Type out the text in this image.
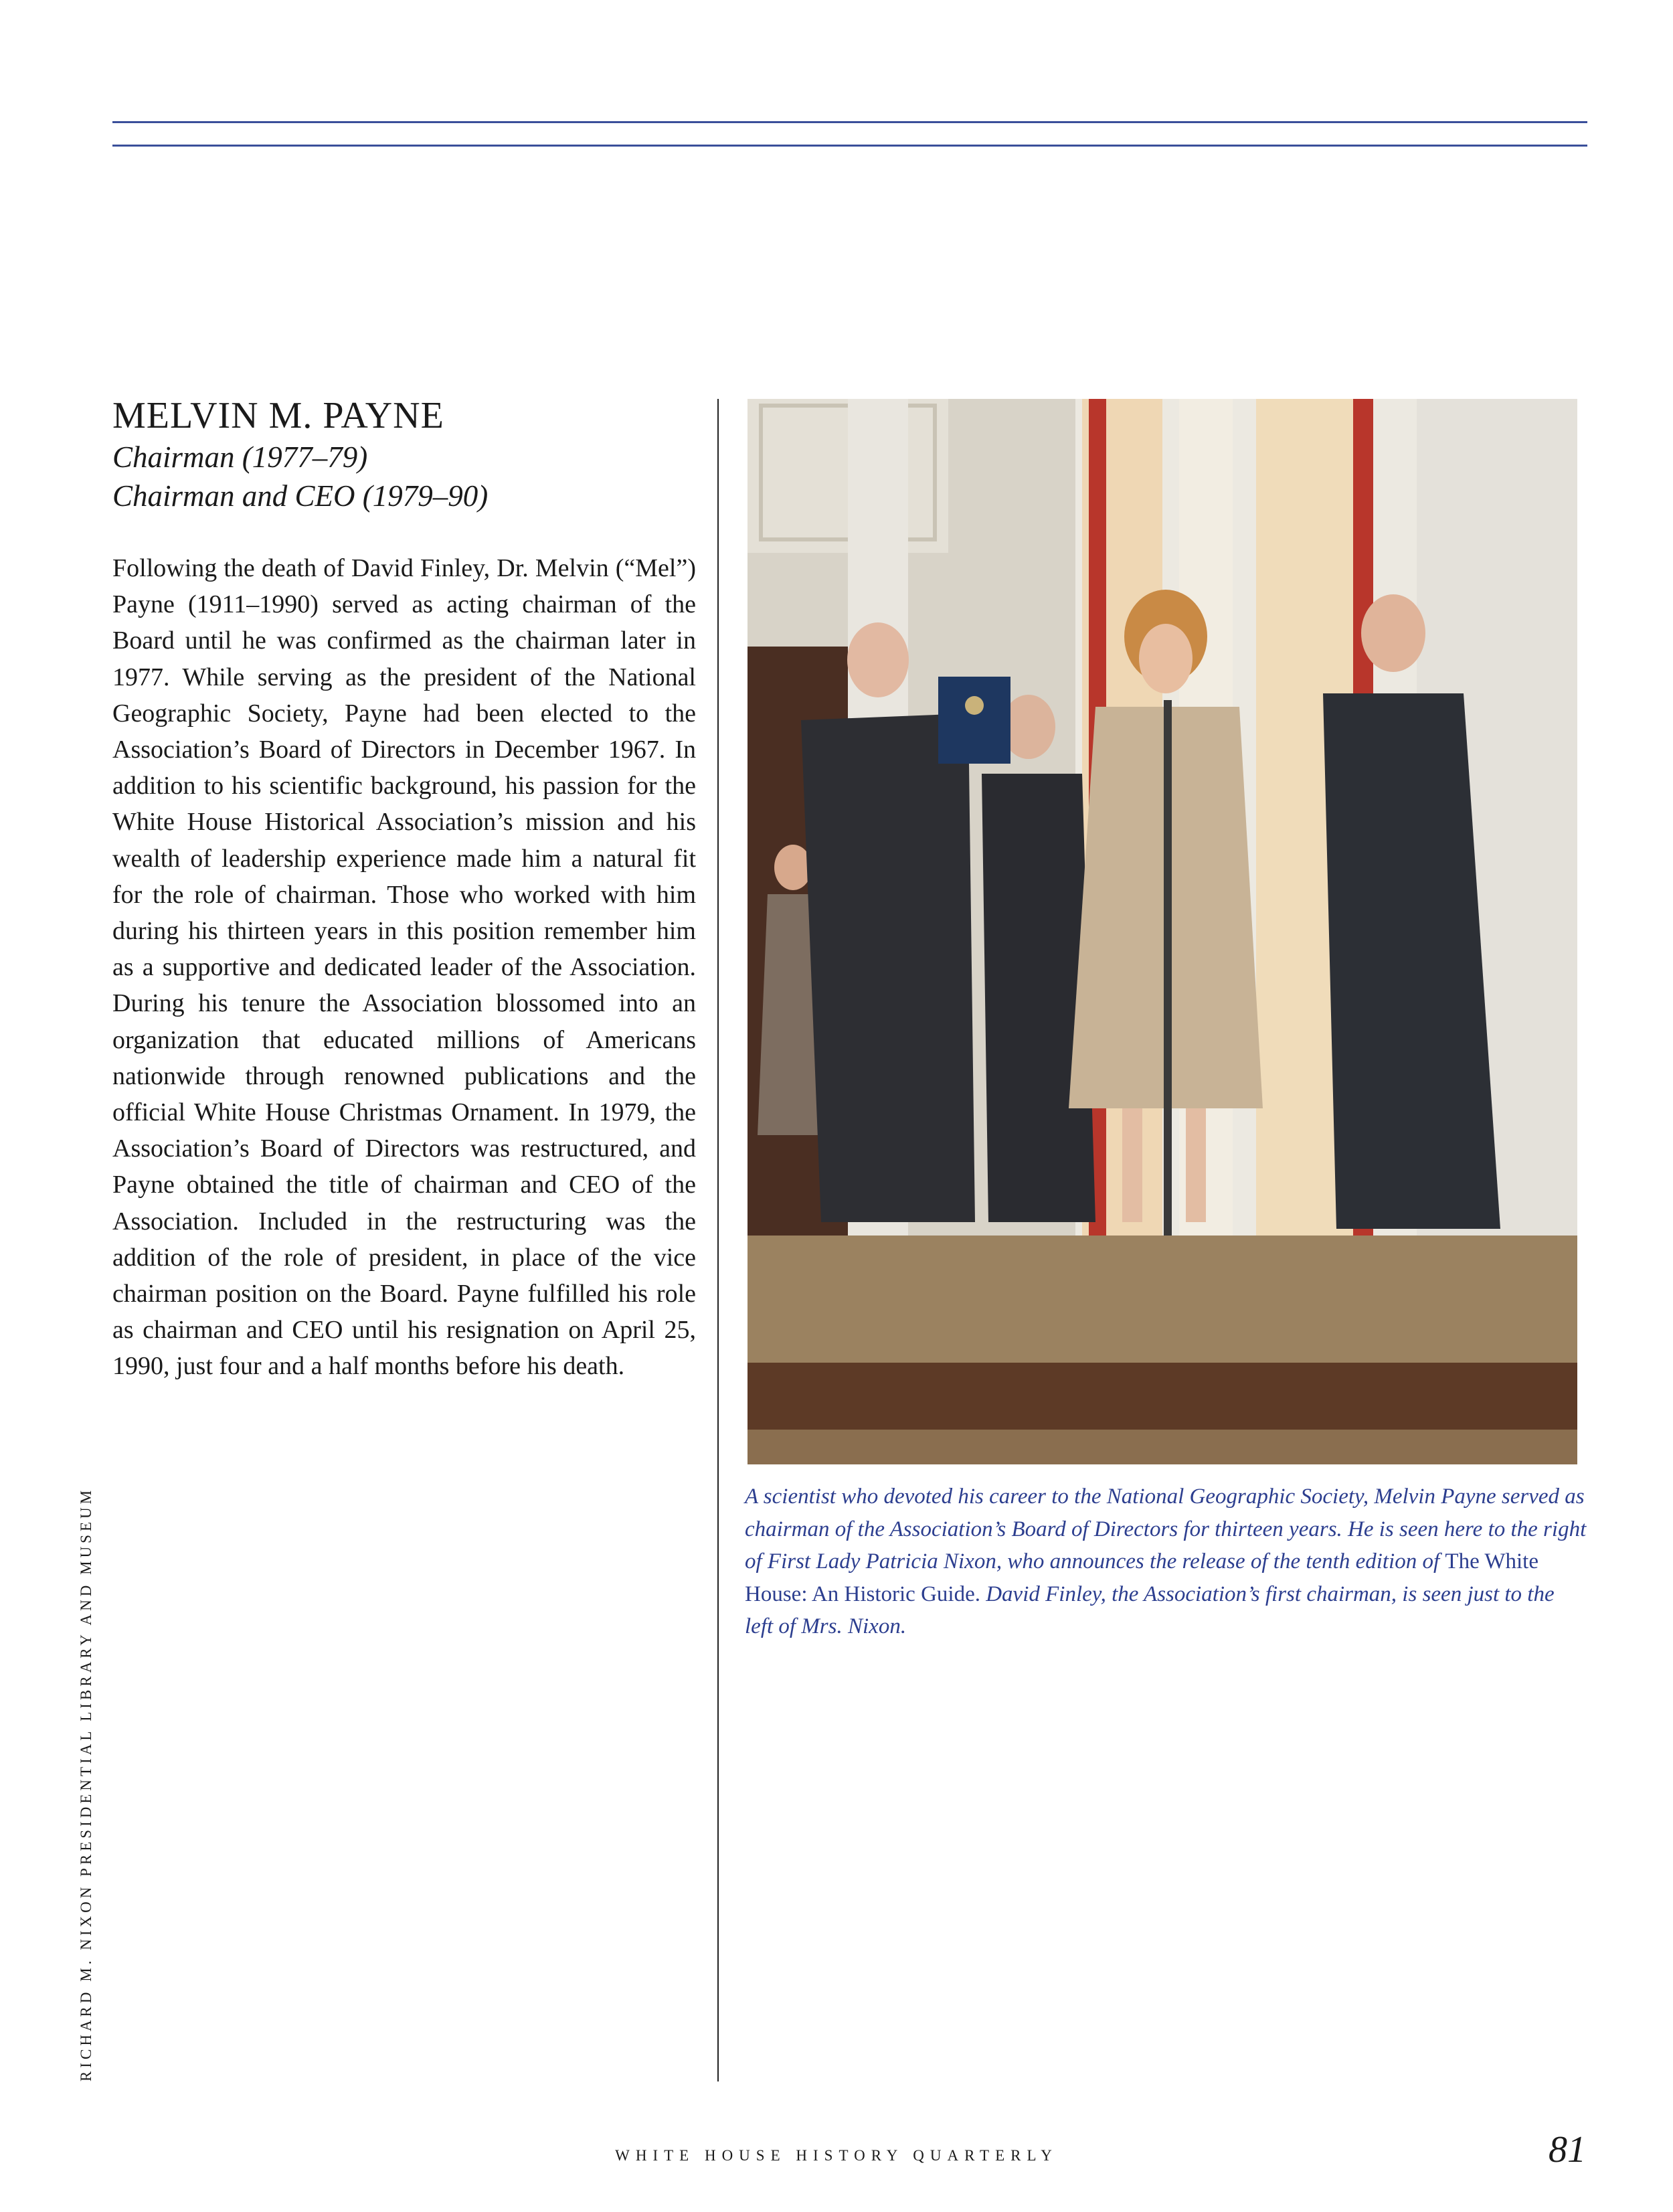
MELVIN M. PAYNE
Chairman (1977–79)
Chairman and CEO (1979–90)
Following the death of David Finley, Dr. Melvin (“Mel”) Payne (1911–1990) served as acting chairman of the Board until he was confirmed as the chairman later in 1977. While serving as the president of the National Geographic Society, Payne had been elected to the Association’s Board of Directors in December 1967. In addition to his scientific background, his passion for the White House Historical Association’s mission and his wealth of leadership experience made him a natural fit for the role of chairman. Those who worked with him during his thirteen years in this position remember him as a supportive and dedicated leader of the Association. During his tenure the Association blossomed into an organization that educated millions of Americans nationwide through renowned publications and the official White House Christmas Ornament. In 1979, the Association’s Board of Directors was restructured, and Payne obtained the title of chairman and CEO of the Association. Included in the restructuring was the addition of the role of president, in place of the vice chairman position on the Board. Payne fulfilled his role as chairman and CEO until his resignation on April 25, 1990, just four and a half months before his death.
A scientist who devoted his career to the National Geographic Society, Melvin Payne served as chairman of the Association’s Board of Directors for thirteen years. He is seen here to the right of First Lady Patricia Nixon, who announces the release of the tenth edition of The White House: An Historic Guide. David Finley, the Association’s first chairman, is seen just to the left of Mrs. Nixon.
RICHARD M. NIXON PRESIDENTIAL LIBRARY AND MUSEUM
WHITE HOUSE HISTORY QUARTERLY	81
